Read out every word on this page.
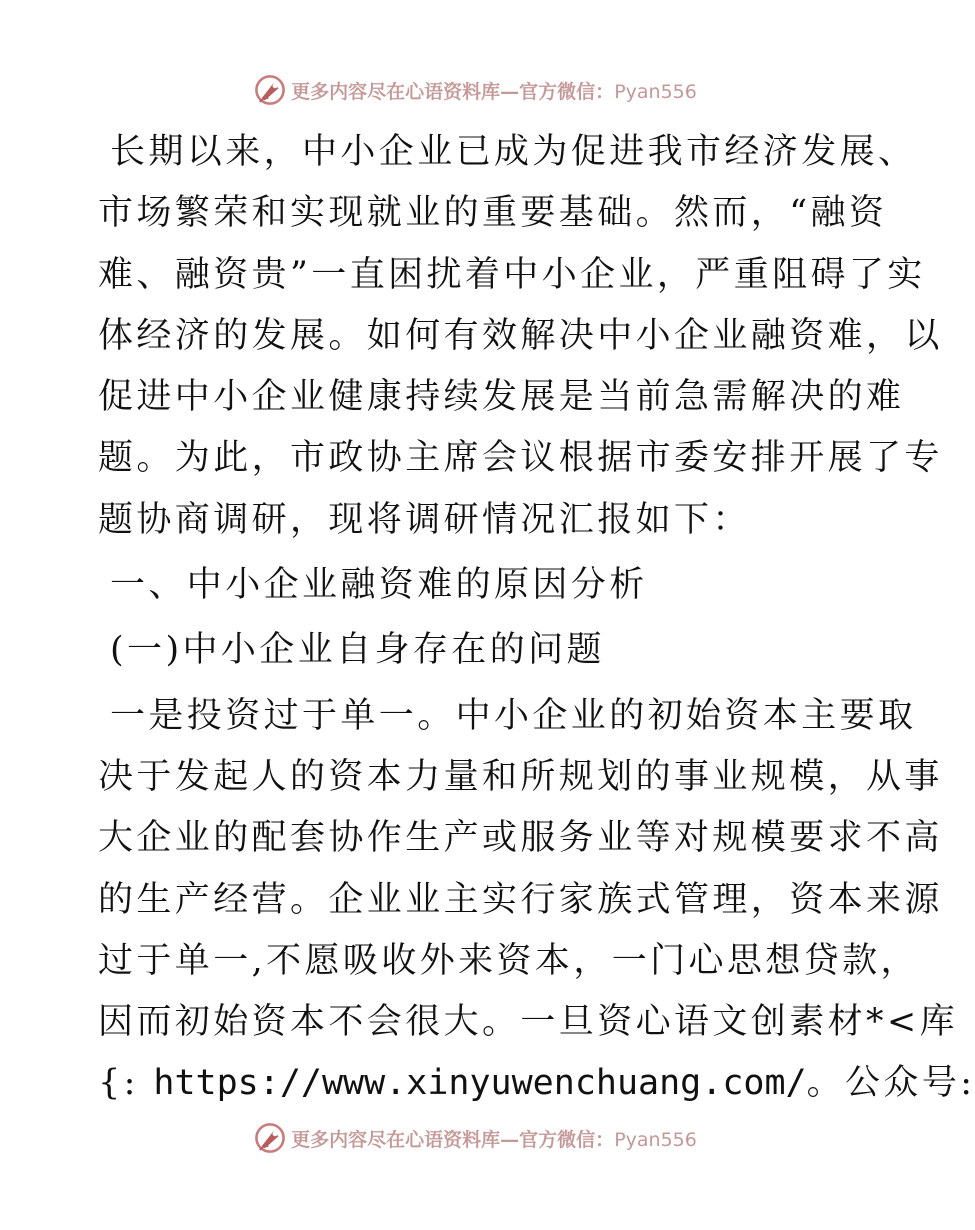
更多内容尽在心语资料库—官方微信：Pyan556

长期以来，中小企业已成为促进我市经济发展、
市场繁荣和实现就业的重要基础。然而，“融资
难、融资贵”一直困扰着中小企业，严重阻碍了实
体经济的发展。如何有效解决中小企业融资难，以
促进中小企业健康持续发展是当前急需解决的难
题。为此，市政协主席会议根据市委安排开展了专
题协商调研，现将调研情况汇报如下：

一、中小企业融资难的原因分析

(一)中小企业自身存在的问题

一是投资过于单一。中小企业的初始资本主要取
决于发起人的资本力量和所规划的事业规模，从事
大企业的配套协作生产或服务业等对规模要求不高
的生产经营。企业业主实行家族式管理，资本来源
过于单一,不愿吸收外来资本，一门心思想贷款，
因而初始资本不会很大。一旦资心语文创素材*<库
{: https://www.xinyuwenchuang.com/。公众号:

更多内容尽在心语资料库—官方微信：Pyan556
